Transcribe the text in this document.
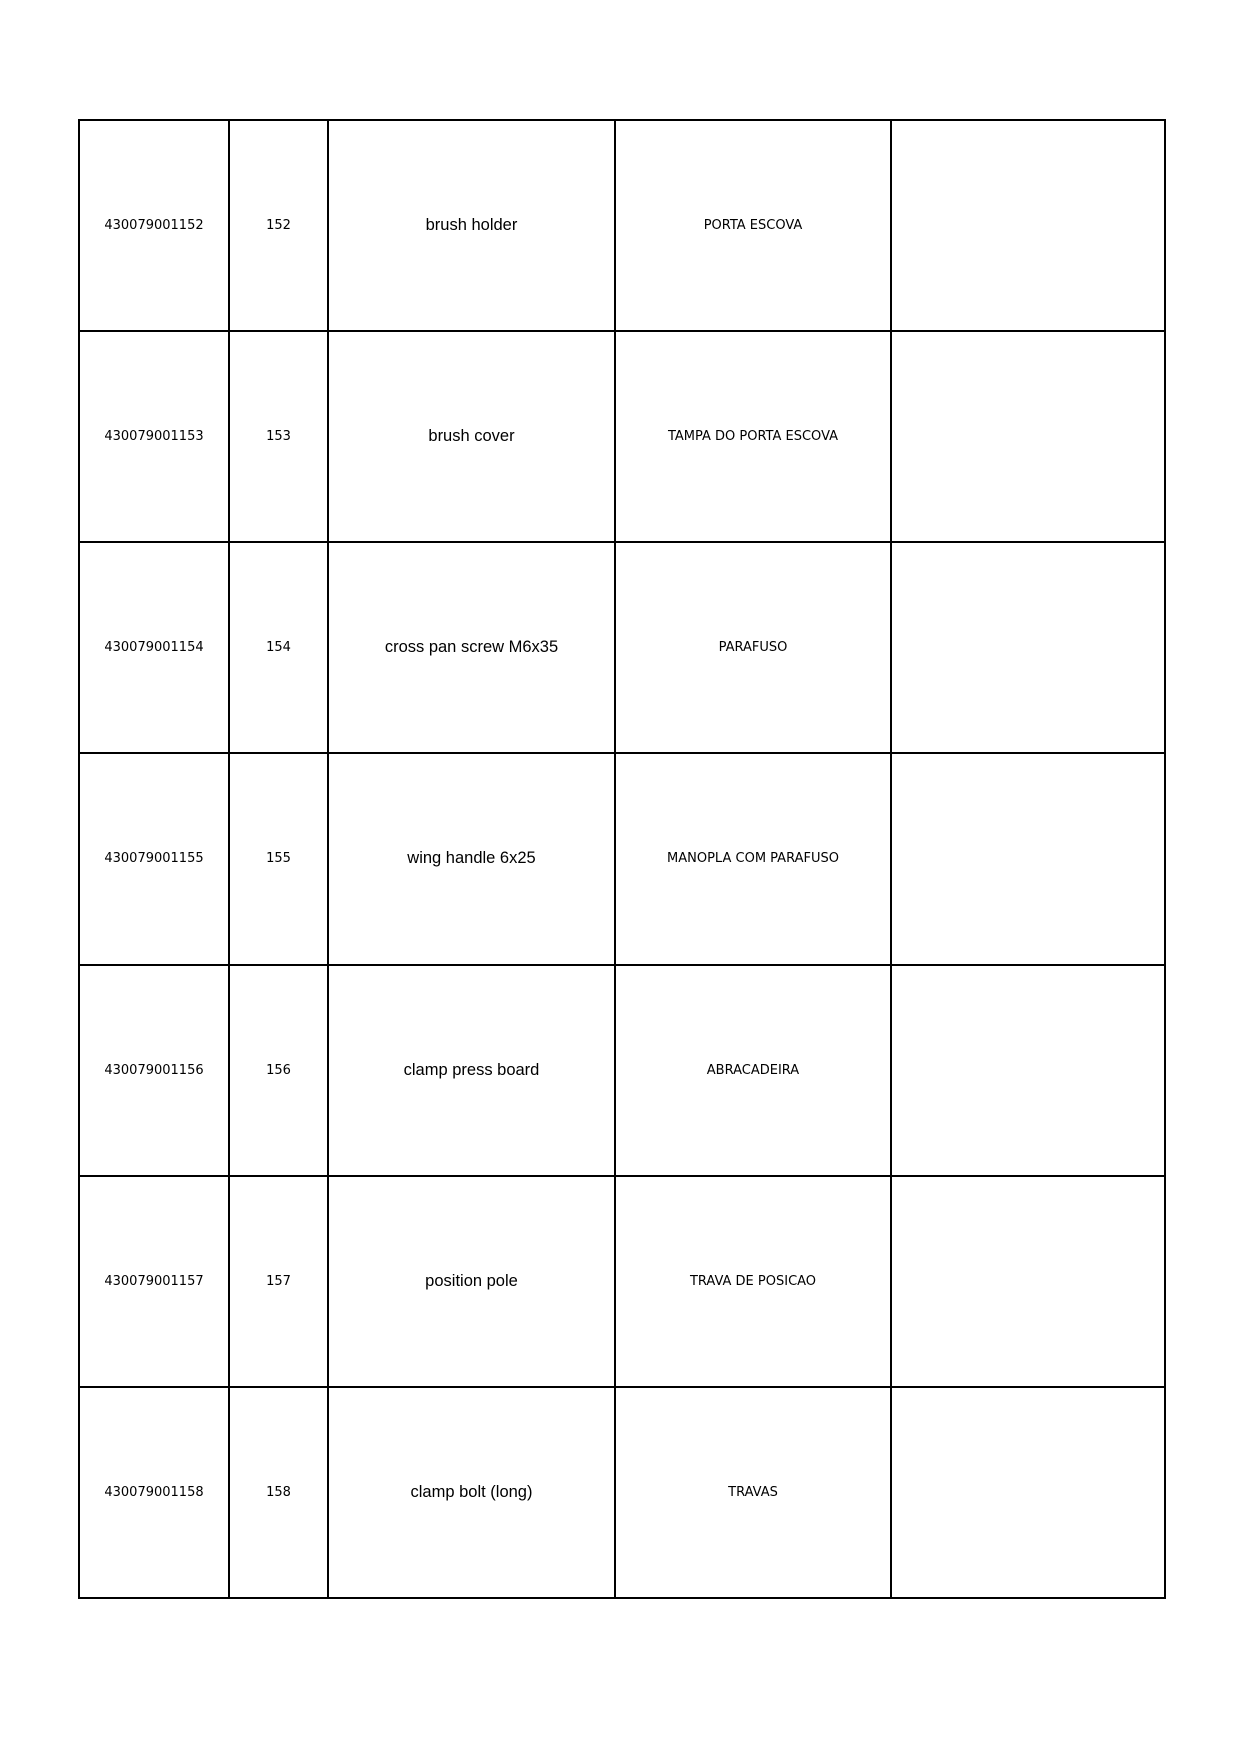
430079001152	152	brush holder	PORTA ESCOVA	
430079001153	153	brush cover	TAMPA DO PORTA ESCOVA	
430079001154	154	cross pan screw M6x35	PARAFUSO	
430079001155	155	wing handle 6x25	MANOPLA COM PARAFUSO	
430079001156	156	clamp press board	ABRACADEIRA	
430079001157	157	position pole	TRAVA DE POSICAO	
430079001158	158	clamp bolt (long)	TRAVAS	
